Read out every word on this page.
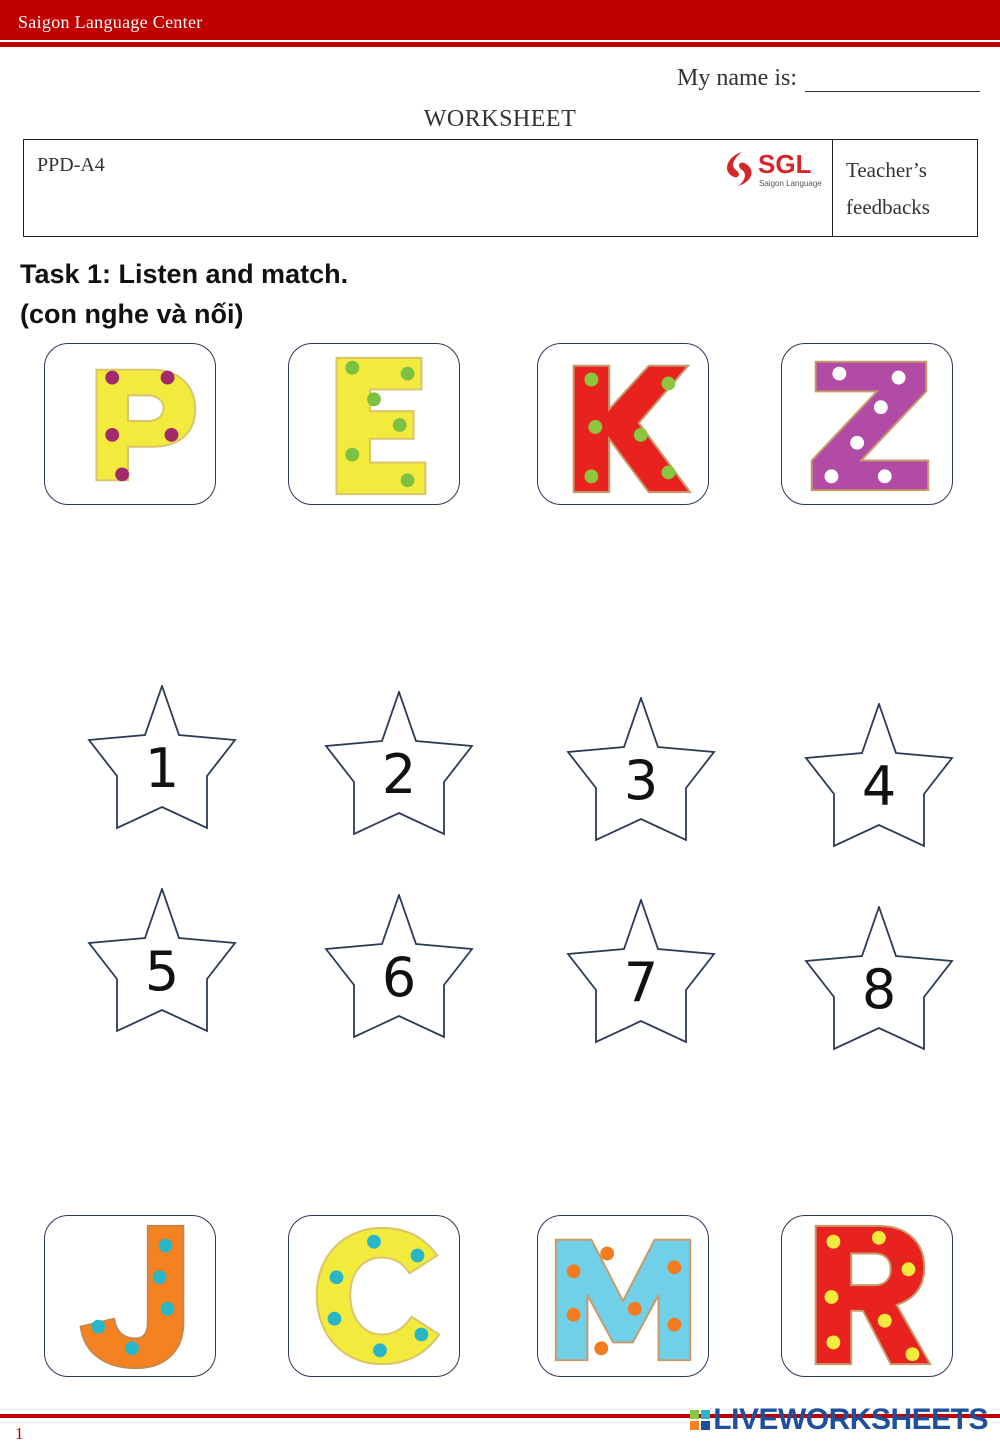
Saigon Language Center
My name is:
WORKSHEET
PPD-A4	SGL
Saigon Language
Teacher’s
feedbacks
Task 1: Listen and match.
(con nghe và nối)
1	2	3	4
5	6	7	8
1	LIVEWORKSHEETS
